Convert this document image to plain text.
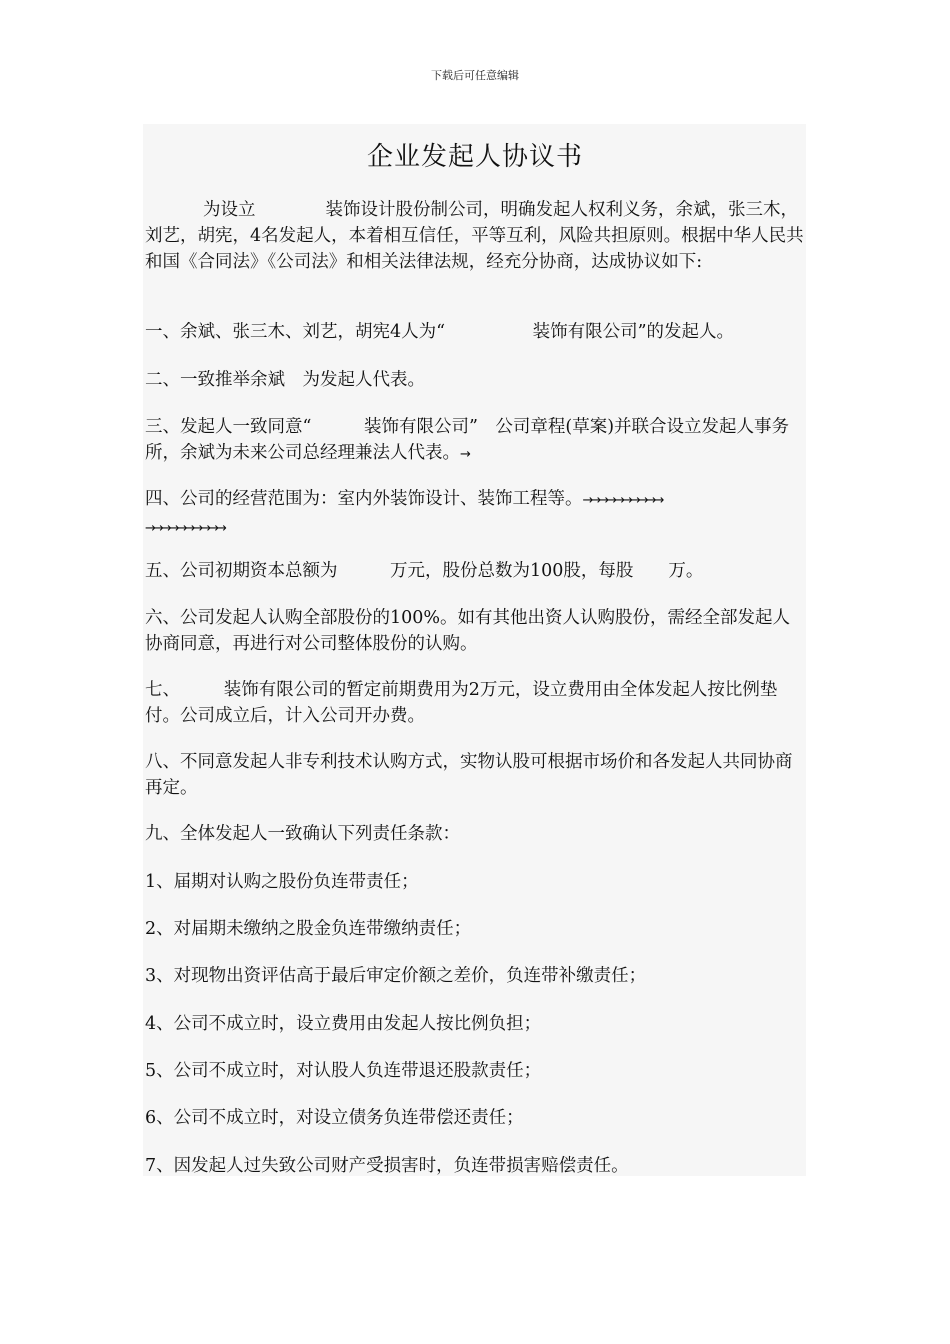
下载后可任意编辑
企业发起人协议书
为设立　　　　装饰设计股份制公司，明确发起人权利义务，余斌，张三木，刘艺，胡宪，4名发起人，本着相互信任，平等互利，风险共担原则。根据中华人民共和国《合同法》《公司法》和相关法律法规，经充分协商，达成协议如下:
一、余斌、张三木、刘艺，胡宪4人为“　　　　　装饰有限公司”的发起人。
二、一致推举余斌　为发起人代表。
三、发起人一致同意“　　　装饰有限公司”　公司章程(草案)并联合设立发起人事务所，余斌为未来公司总经理兼法人代表。→
四、公司的经营范围为：室内外装饰设计、装饰工程等。→→→→→→→→→→
→→→→→→→→→→
五、公司初期资本总额为　　　万元，股份总数为100股，每股　　万。
六、公司发起人认购全部股份的100%。如有其他出资人认购股份，需经全部发起人协商同意，再进行对公司整体股份的认购。
七、　　　装饰有限公司的暂定前期费用为2万元，设立费用由全体发起人按比例垫付。公司成立后，计入公司开办费。
八、不同意发起人非专利技术认购方式，实物认股可根据市场价和各发起人共同协商再定。
九、全体发起人一致确认下列责任条款：
1、届期对认购之股份负连带责任；
2、对届期未缴纳之股金负连带缴纳责任；
3、对现物出资评估高于最后审定价额之差价，负连带补缴责任；
4、公司不成立时，设立费用由发起人按比例负担；
5、公司不成立时，对认股人负连带退还股款责任；
6、公司不成立时，对设立债务负连带偿还责任；
7、因发起人过失致公司财产受损害时，负连带损害赔偿责任。
